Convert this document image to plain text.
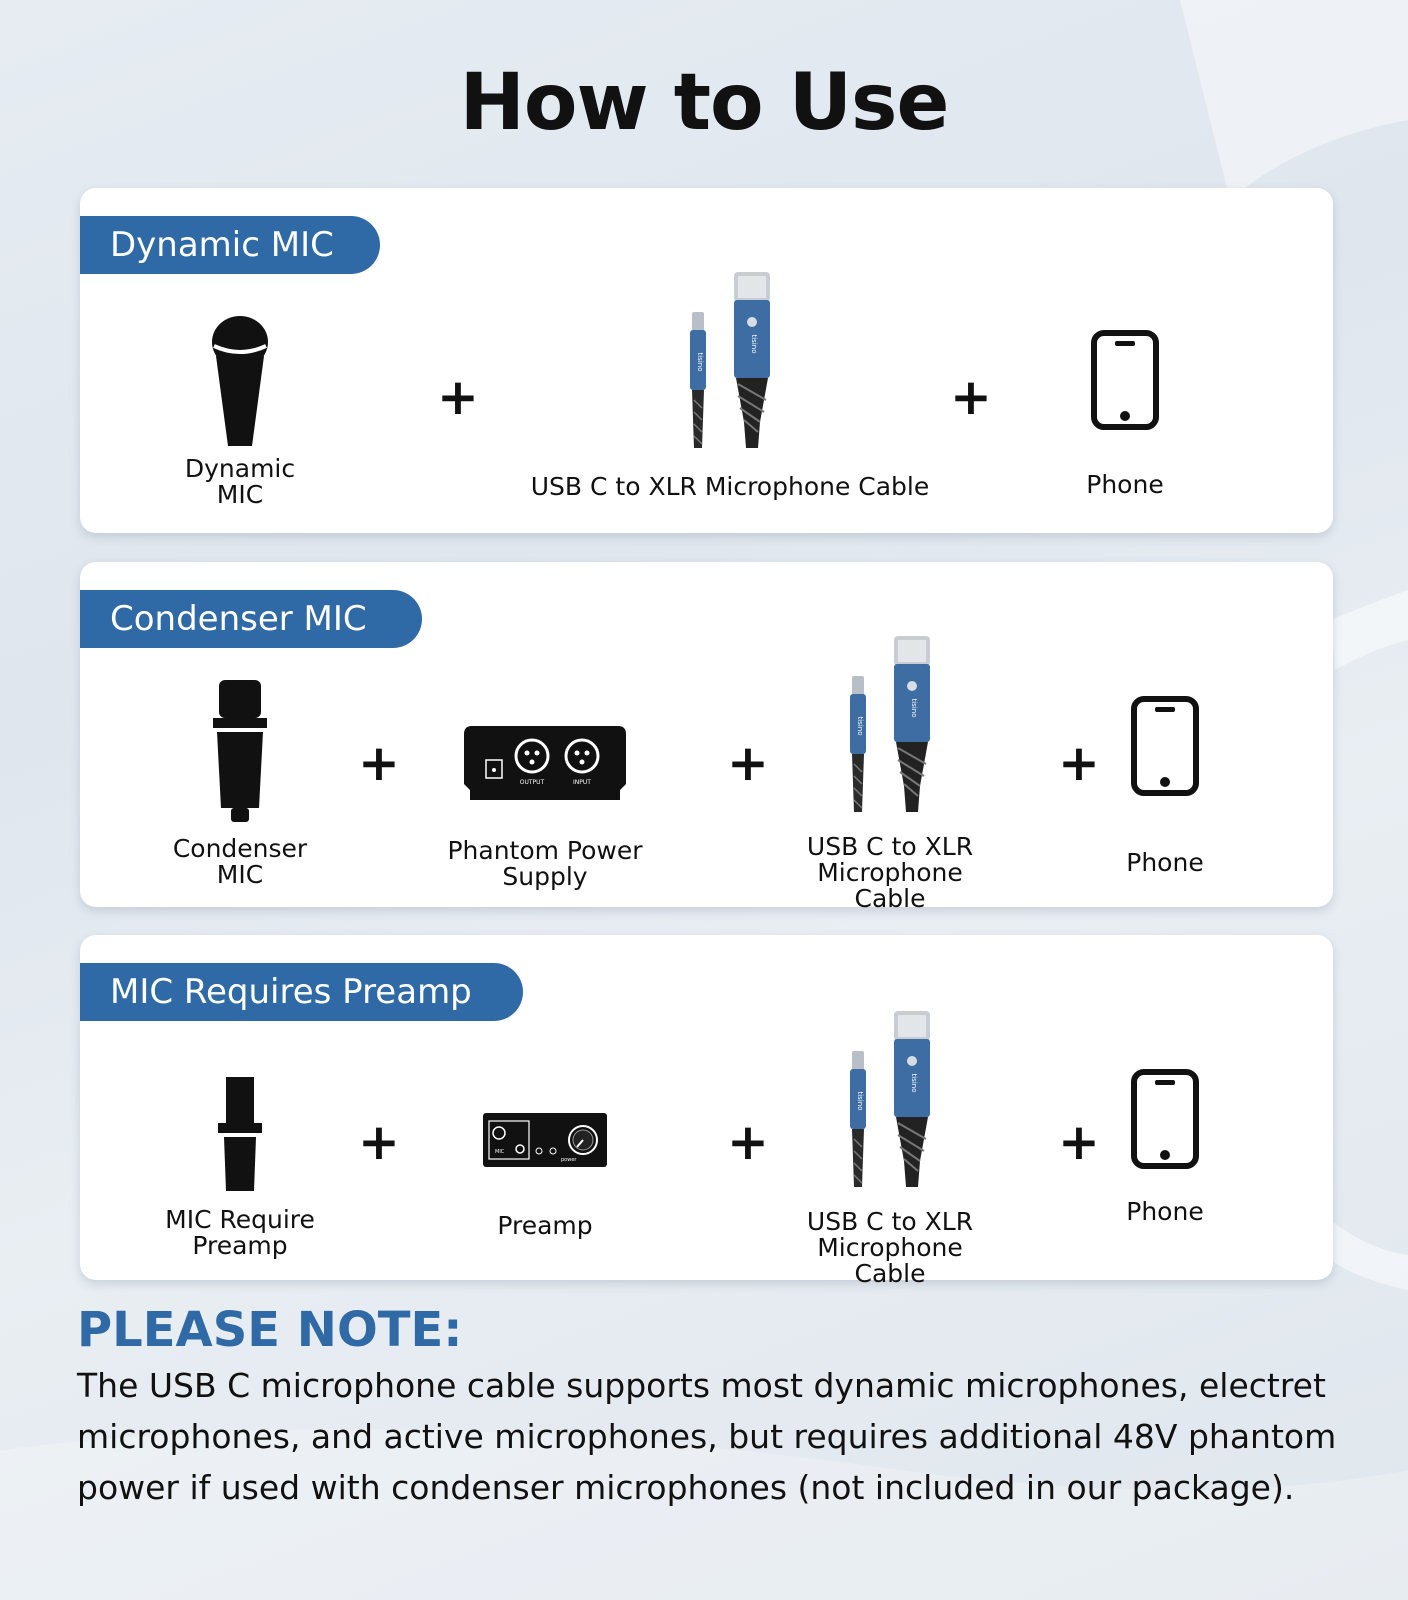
How to Use
Dynamic MIC
Dynamic
MIC
+
tisino
tisino
USB C to XLR Microphone Cable
+
Phone
Condenser MIC
Condenser
MIC
+	OUTPUT	INPUT
Phantom Power
Supply
+
tisino
tisino
USB C to XLR
Microphone Cable
+
Phone
MIC Requires Preamp
MIC Require
Preamp
+	MIC
power
Preamp
+
tisino
tisino
USB C to XLR
Microphone Cable
+
Phone
PLEASE NOTE:
The USB C microphone cable supports most dynamic microphones, electret microphones, and active microphones, but requires additional 48V phantom power if used with condenser microphones (not included in our package).
